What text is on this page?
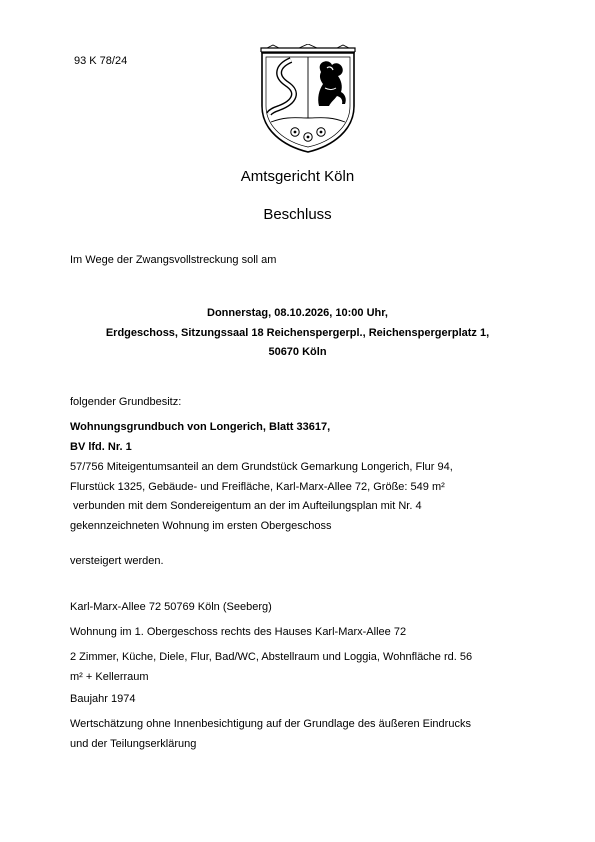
93 K 78/24
Amtsgericht Köln
Beschluss
Im Wege der Zwangsvollstreckung soll am
Donnerstag, 08.10.2026, 10:00 Uhr,
Erdgeschoss, Sitzungssaal 18 Reichenspergerpl., Reichenspergerplatz 1,
50670 Köln
folgender Grundbesitz:
Wohnungsgrundbuch von Longerich, Blatt 33617,
BV lfd. Nr. 1
57/756 Miteigentumsanteil an dem Grundstück Gemarkung Longerich, Flur 94,
Flurstück 1325, Gebäude- und Freifläche, Karl-Marx-Allee 72, Größe: 549 m²
verbunden mit dem Sondereigentum an der im Aufteilungsplan mit Nr. 4
gekennzeichneten Wohnung im ersten Obergeschoss
versteigert werden.
Karl-Marx-Allee 72 50769 Köln (Seeberg)
Wohnung im 1. Obergeschoss rechts des Hauses Karl-Marx-Allee 72
2 Zimmer, Küche, Diele, Flur, Bad/WC, Abstellraum und Loggia, Wohnfläche rd. 56
m² + Kellerraum
Baujahr 1974
Wertschätzung ohne Innenbesichtigung auf der Grundlage des äußeren Eindrucks
und der Teilungserklärung
